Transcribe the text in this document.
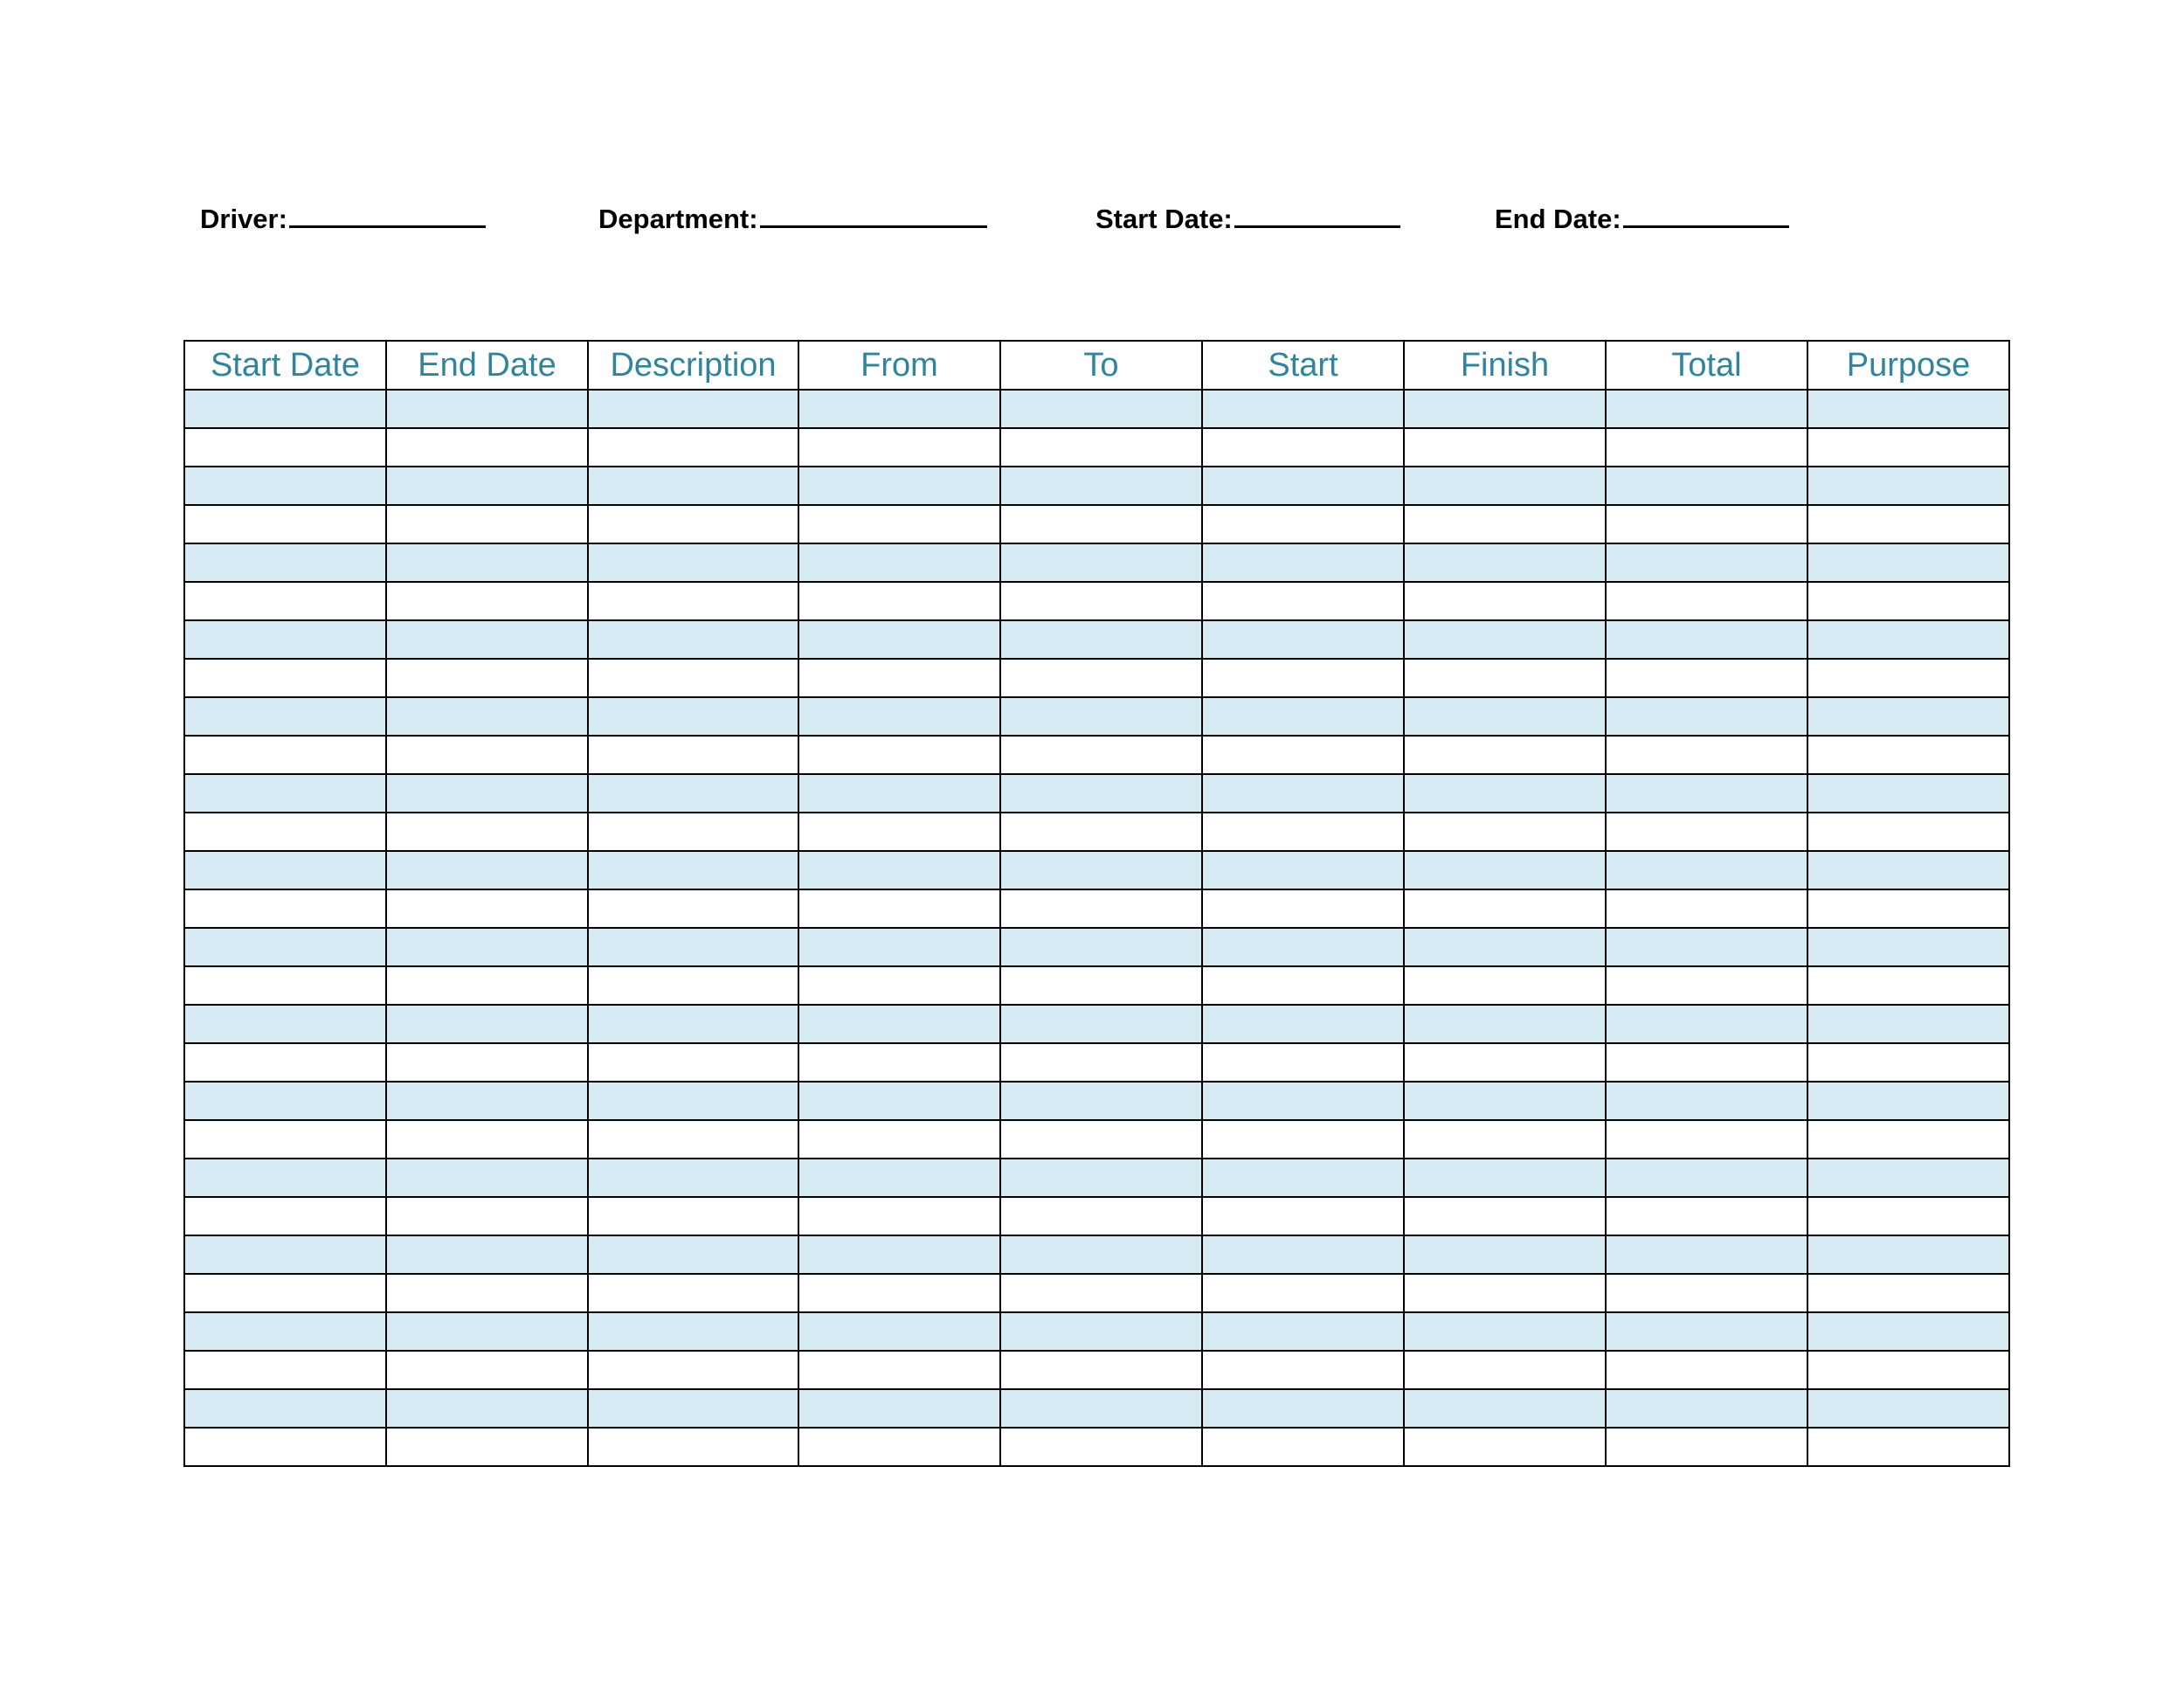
Driver:	Department:	Start Date:	End Date:
Start Date	End Date	Description	From	To	Start	Finish	Total	Purpose
